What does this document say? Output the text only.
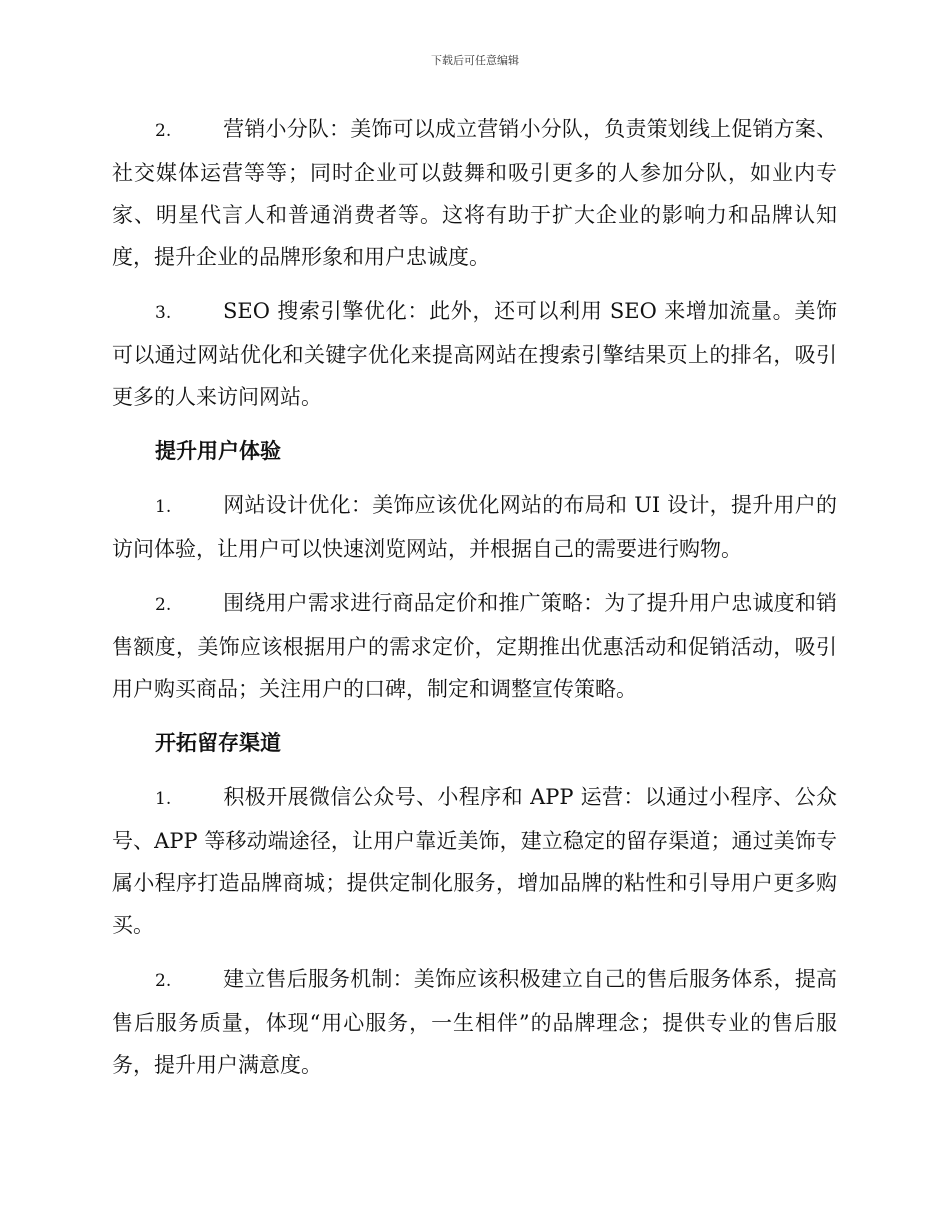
下载后可任意编辑

2. 营销小分队：美饰可以成立营销小分队，负责策划线上促销方案、社交媒体运营等等；同时企业可以鼓舞和吸引更多的人参加分队，如业内专家、明星代言人和普通消费者等。这将有助于扩大企业的影响力和品牌认知度，提升企业的品牌形象和用户忠诚度。

3. SEO 搜索引擎优化：此外，还可以利用 SEO 来增加流量。美饰可以通过网站优化和关键字优化来提高网站在搜索引擎结果页上的排名，吸引更多的人来访问网站。

提升用户体验

1. 网站设计优化：美饰应该优化网站的布局和 UI 设计，提升用户的访问体验，让用户可以快速浏览网站，并根据自己的需要进行购物。

2. 围绕用户需求进行商品定价和推广策略：为了提升用户忠诚度和销售额度，美饰应该根据用户的需求定价，定期推出优惠活动和促销活动，吸引用户购买商品；关注用户的口碑，制定和调整宣传策略。

开拓留存渠道

1. 积极开展微信公众号、小程序和 APP 运营：以通过小程序、公众号、APP 等移动端途径，让用户靠近美饰，建立稳定的留存渠道；通过美饰专属小程序打造品牌商城；提供定制化服务，增加品牌的粘性和引导用户更多购买。

2. 建立售后服务机制：美饰应该积极建立自己的售后服务体系，提高售后服务质量，体现“用心服务，一生相伴”的品牌理念；提供专业的售后服务，提升用户满意度。
